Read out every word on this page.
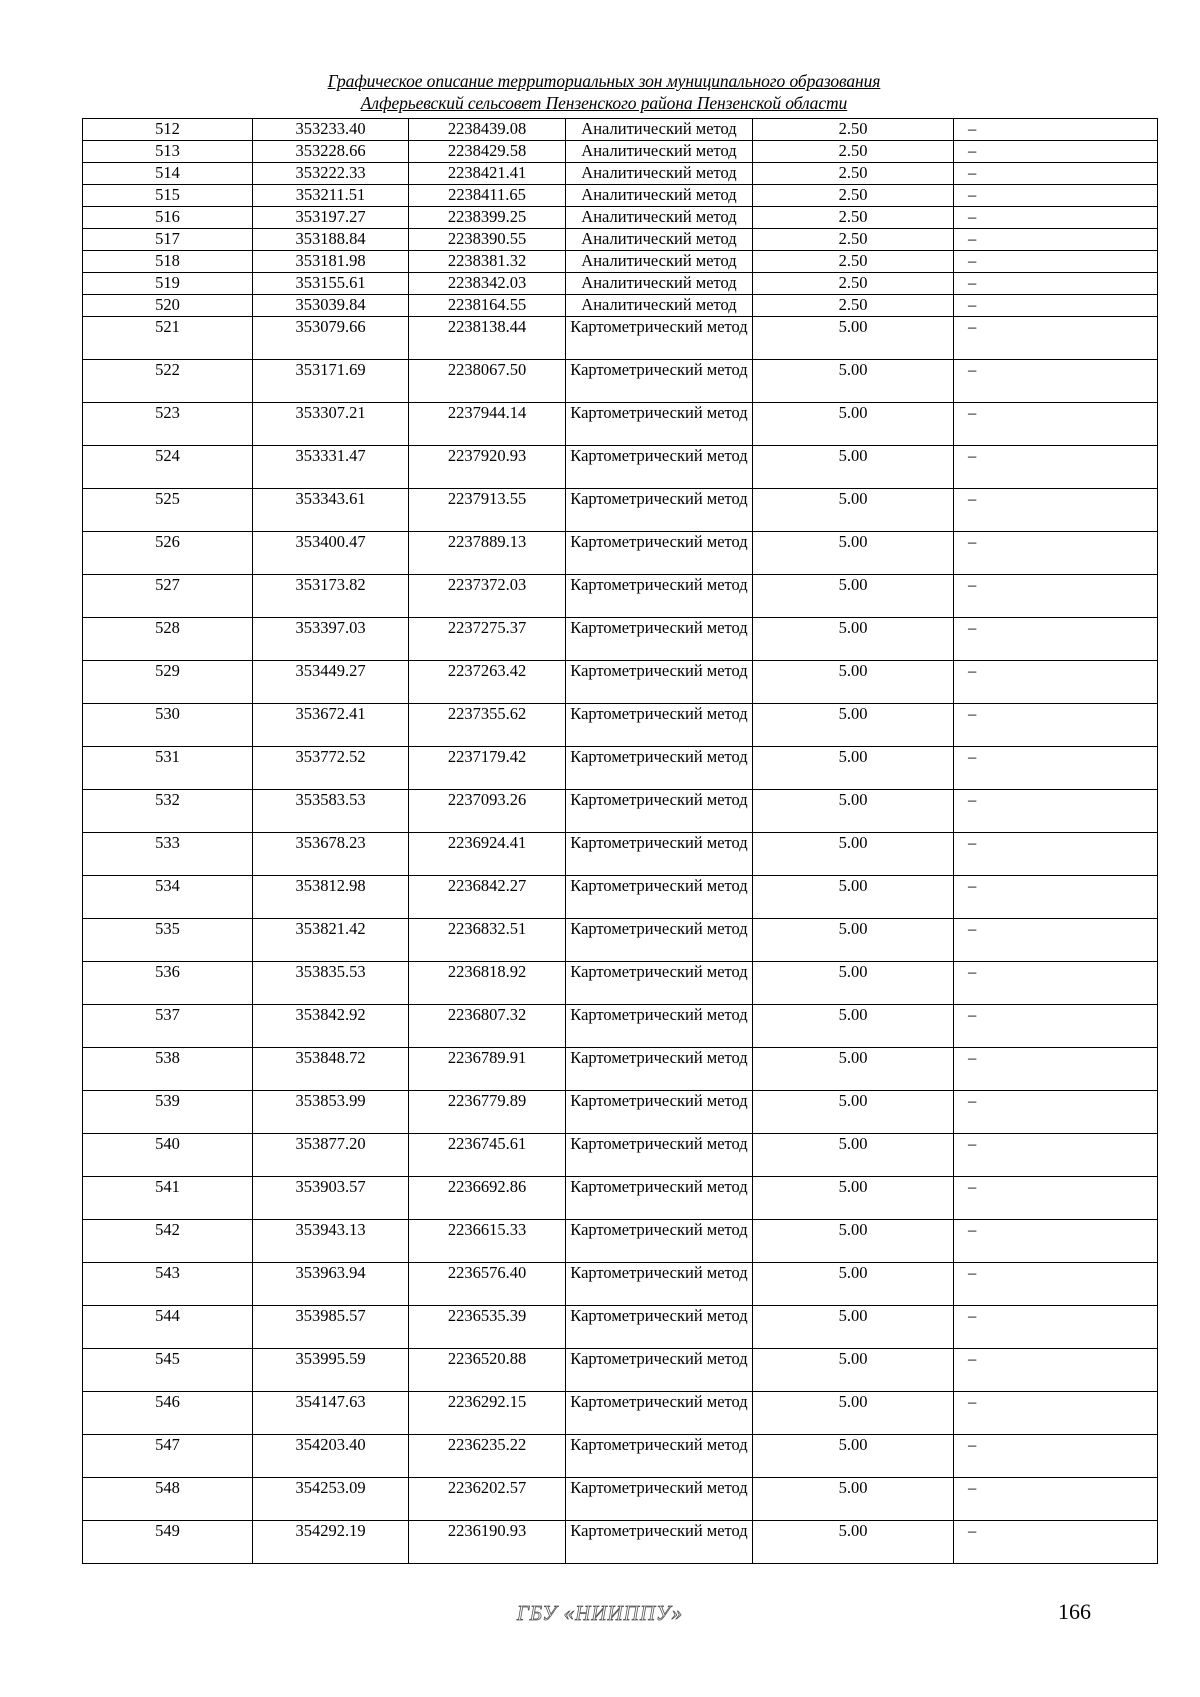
Графическое описание территориальных зон муниципального образования
Алферьевский сельсовет Пензенского района Пензенской области
512	353233.40	2238439.08	Аналитический метод	2.50	–
513	353228.66	2238429.58	Аналитический метод	2.50	–
514	353222.33	2238421.41	Аналитический метод	2.50	–
515	353211.51	2238411.65	Аналитический метод	2.50	–
516	353197.27	2238399.25	Аналитический метод	2.50	–
517	353188.84	2238390.55	Аналитический метод	2.50	–
518	353181.98	2238381.32	Аналитический метод	2.50	–
519	353155.61	2238342.03	Аналитический метод	2.50	–
520	353039.84	2238164.55	Аналитический метод	2.50	–
521	353079.66	2238138.44	Картометрический метод	5.00	–
522	353171.69	2238067.50	Картометрический метод	5.00	–
523	353307.21	2237944.14	Картометрический метод	5.00	–
524	353331.47	2237920.93	Картометрический метод	5.00	–
525	353343.61	2237913.55	Картометрический метод	5.00	–
526	353400.47	2237889.13	Картометрический метод	5.00	–
527	353173.82	2237372.03	Картометрический метод	5.00	–
528	353397.03	2237275.37	Картометрический метод	5.00	–
529	353449.27	2237263.42	Картометрический метод	5.00	–
530	353672.41	2237355.62	Картометрический метод	5.00	–
531	353772.52	2237179.42	Картометрический метод	5.00	–
532	353583.53	2237093.26	Картометрический метод	5.00	–
533	353678.23	2236924.41	Картометрический метод	5.00	–
534	353812.98	2236842.27	Картометрический метод	5.00	–
535	353821.42	2236832.51	Картометрический метод	5.00	–
536	353835.53	2236818.92	Картометрический метод	5.00	–
537	353842.92	2236807.32	Картометрический метод	5.00	–
538	353848.72	2236789.91	Картометрический метод	5.00	–
539	353853.99	2236779.89	Картометрический метод	5.00	–
540	353877.20	2236745.61	Картометрический метод	5.00	–
541	353903.57	2236692.86	Картометрический метод	5.00	–
542	353943.13	2236615.33	Картометрический метод	5.00	–
543	353963.94	2236576.40	Картометрический метод	5.00	–
544	353985.57	2236535.39	Картометрический метод	5.00	–
545	353995.59	2236520.88	Картометрический метод	5.00	–
546	354147.63	2236292.15	Картометрический метод	5.00	–
547	354203.40	2236235.22	Картометрический метод	5.00	–
548	354253.09	2236202.57	Картометрический метод	5.00	–
549	354292.19	2236190.93	Картометрический метод	5.00	–
ГБУ «НИИППУ»	166
